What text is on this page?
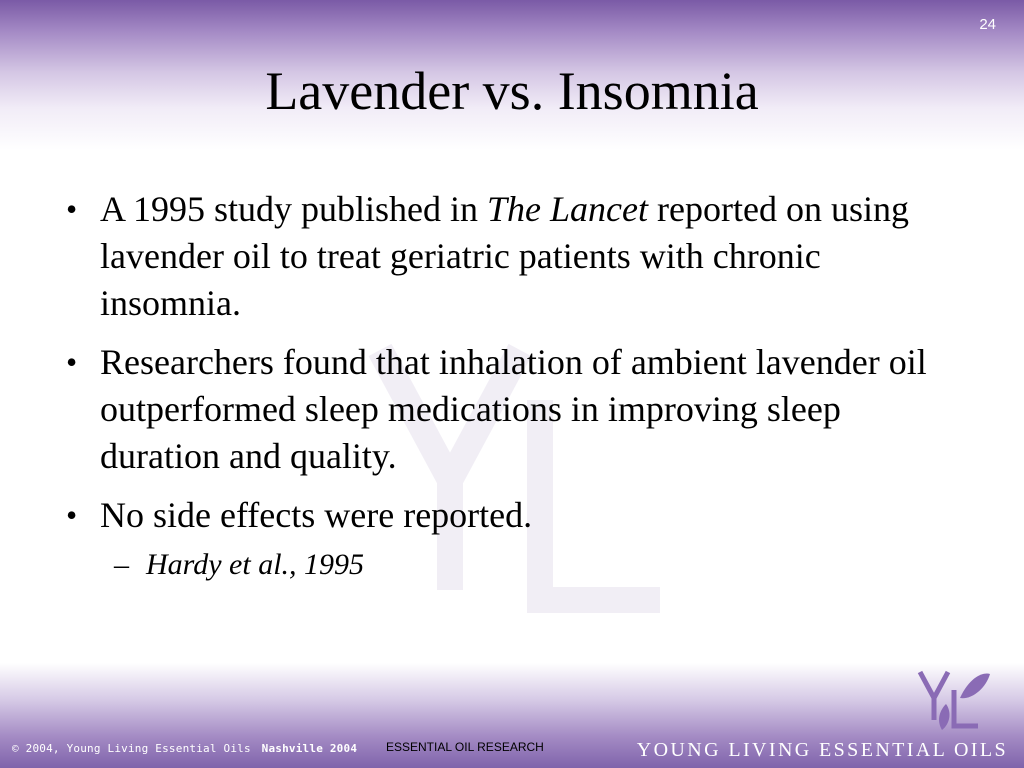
24
Lavender vs. Insomnia
• A 1995 study published in The Lancet reported on using lavender oil to treat geriatric patients with chronic insomnia.
• Researchers found that inhalation of ambient lavender oil outperformed sleep medications in improving sleep duration and quality.
• No side effects were reported.
– Hardy et al., 1995
© 2004, Young Living Essential Oils Nashville 2004 ESSENTIAL OIL RESEARCH	YOUNG LIVING ESSENTIAL OILS
